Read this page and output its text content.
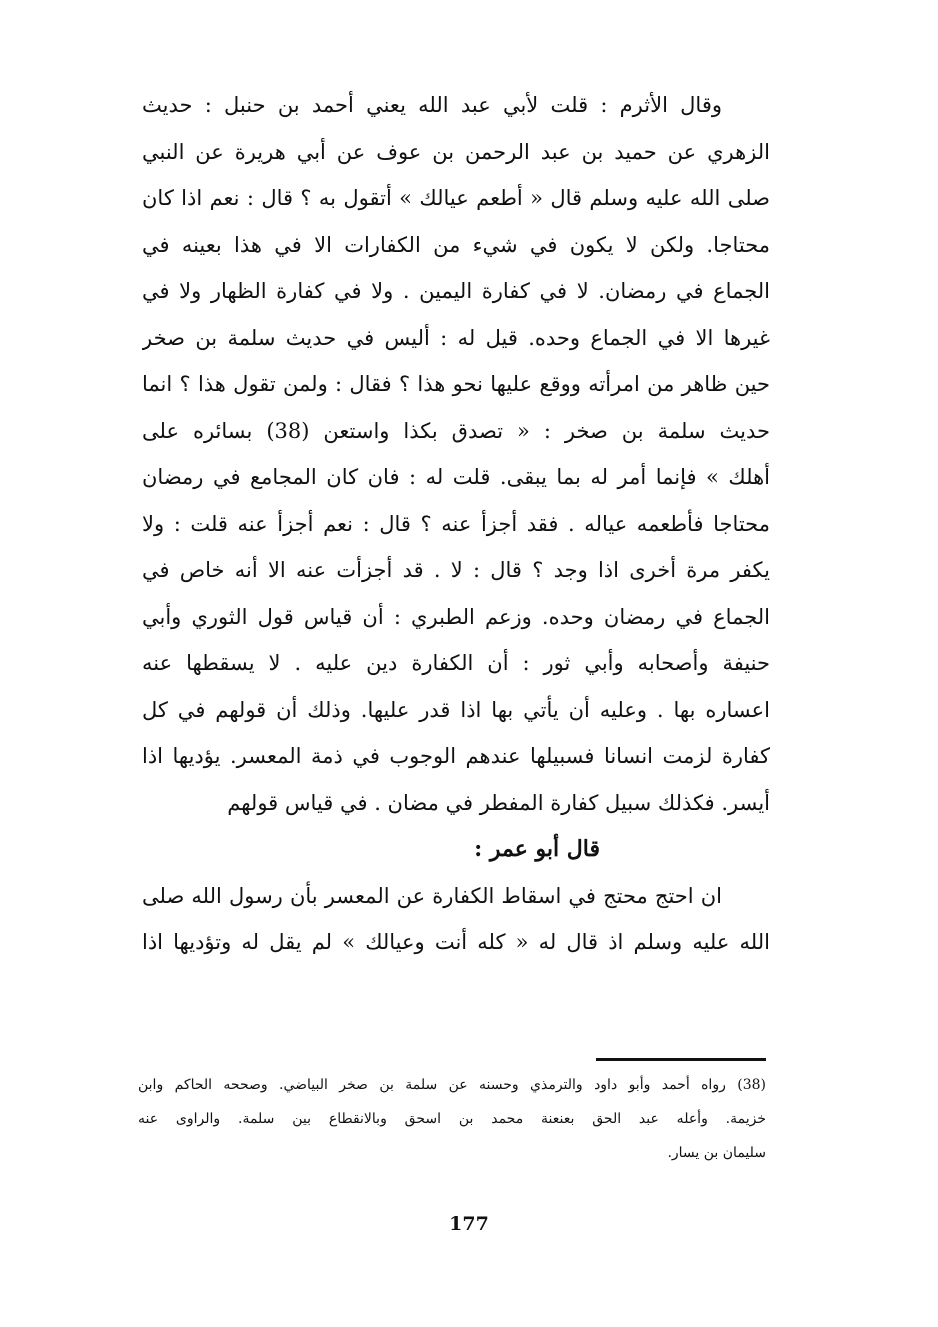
وقال الأثرم : قلت لأبي عبد الله يعني أحمد بن حنبل : حديث
الزهري عن حميد بن عبد الرحمن بن عوف عن أبي هريرة عن النبي
صلى الله عليه وسلم قال « أطعم عيالك » أتقول به ؟ قال : نعم اذا كان
محتاجا. ولكن لا يكون في شيء من الكفارات الا في هذا بعينه في
الجماع في رمضان. لا في كفارة اليمين . ولا في كفارة الظهار ولا في
غيرها الا في الجماع وحده. قيل له : أليس في حديث سلمة بن صخر
حين ظاهر من امرأته ووقع عليها نحو هذا ؟ فقال : ولمن تقول هذا ؟ انما
حديث سلمة بن صخر : « تصدق بكذا واستعن (38) بسائره على
أهلك » فإنما أمر له بما يبقى. قلت له : فان كان المجامع في رمضان
محتاجا فأطعمه عياله . فقد أجزأ عنه ؟ قال : نعم أجزأ عنه قلت : ولا
يكفر مرة أخرى اذا وجد ؟ قال : لا . قد أجزأت عنه الا أنه خاص في
الجماع في رمضان وحده. وزعم الطبري : أن قياس قول الثوري وأبي
حنيفة وأصحابه وأبي ثور : أن الكفارة دين عليه . لا يسقطها عنه
اعساره بها . وعليه أن يأتي بها اذا قدر عليها. وذلك أن قولهم في كل
كفارة لزمت انسانا فسبيلها عندهم الوجوب في ذمة المعسر. يؤديها اذا
أيسر. فكذلك سبيل كفارة المفطر في مضان . في قياس قولهم
قال أبو عمر :
ان احتج محتج في اسقاط الكفارة عن المعسر بأن رسول الله صلى
الله عليه وسلم اذ قال له « كله أنت وعيالك » لم يقل له وتؤديها اذا
(38) رواه أحمد وأبو داود والترمذي وحسنه عن سلمة بن صخر البياضي. وصححه الحاكم وابن
خزيمة. وأعله عبد الحق بعنعنة محمد بن اسحق وبالانقطاع بين سلمة. والراوى عنه
سليمان بن يسار.
177
